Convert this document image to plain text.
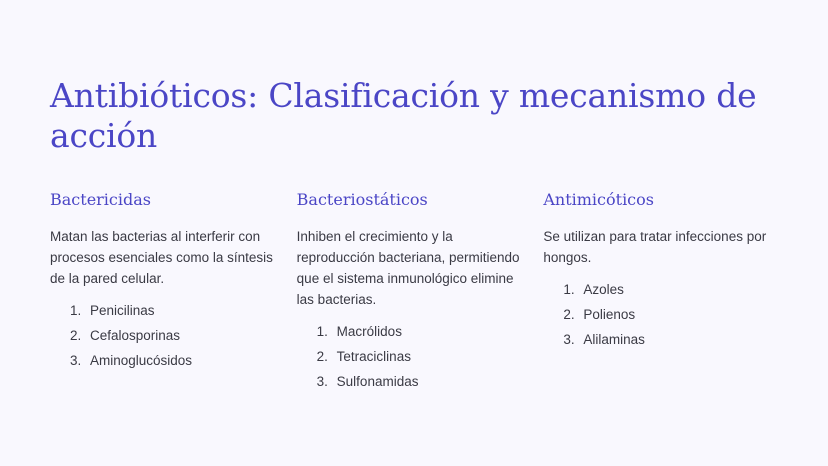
Antibióticos: Clasificación y mecanismo de acción
Bactericidas

Matan las bacterias al interferir con procesos esenciales como la síntesis de la pared celular.

1. Penicilinas
2. Cefalosporinas
3. Aminoglucósidos
Bacteriostáticos

Inhiben el crecimiento y la reproducción bacteriana, permitiendo que el sistema inmunológico elimine las bacterias.

1. Macrólidos
2. Tetraciclinas
3. Sulfonamidas
Antimicóticos

Se utilizan para tratar infecciones por hongos.

1. Azoles
2. Polienos
3. Alilaminas
